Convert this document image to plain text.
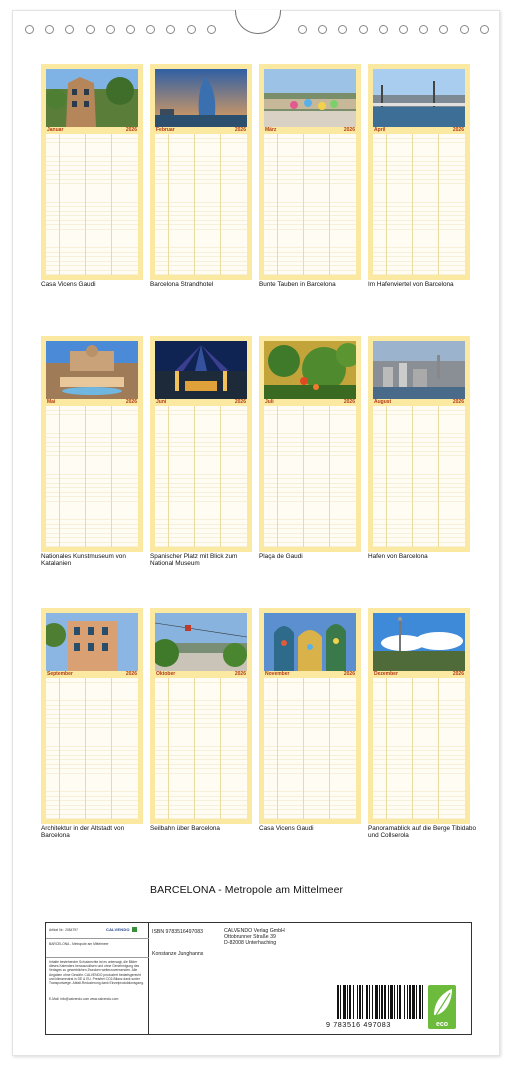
Januar	2026
Casa Vicens Gaudi
Februar	2026
Barcelona Strandhotel
März	2026
Bunte Tauben in Barcelona
April	2026
Im Hafenviertel von Barcelona
Mai	2026
Nationales Kunstmuseum von Katalanien
Juni	2026
Spanischer Platz mit Blick zum National Museum
Juli	2026
Plaça de Gaudi
August	2026
Hafen von Barcelona
September	2026
Architektur in der Altstadt von Barcelona
Oktober	2026
Seilbahn über Barcelona
November	2026
Casa Vicens Gaudi
Dezember	2026
Panoramablick auf die Berge Tibidabo und Collserola
BARCELONA - Metropole am Mittelmeer
Artikel Nr.: 2084797	CALVENDO
BARCELONA - Metropole am Mittelmeer
Inhalte bestehender Schutzrechte ist es untersagt, die Bilder dieses Kalenders herauszulösen und ohne Genehmigung des Verlages zu gewerblichen Zwecken weiterzuverwenden. Alle Angaben ohne Gewähr. CALVENDO produziert bedarfsgerecht und klimaneutral in DE & EU. Preisfrei CO2-Bilanz dank sorter Transportwege. Abfall-Reduzierung dank Einzelproduktionsgang.
E-Mail: info@calvendo.com www.calvendo.com
ISBN 9783516497083
Konstanze Junghanns
CALVENDO Verlag GmbH
Ottobrunner Straße 39
D-82008 Unterhaching
9 783516 497083	eco
